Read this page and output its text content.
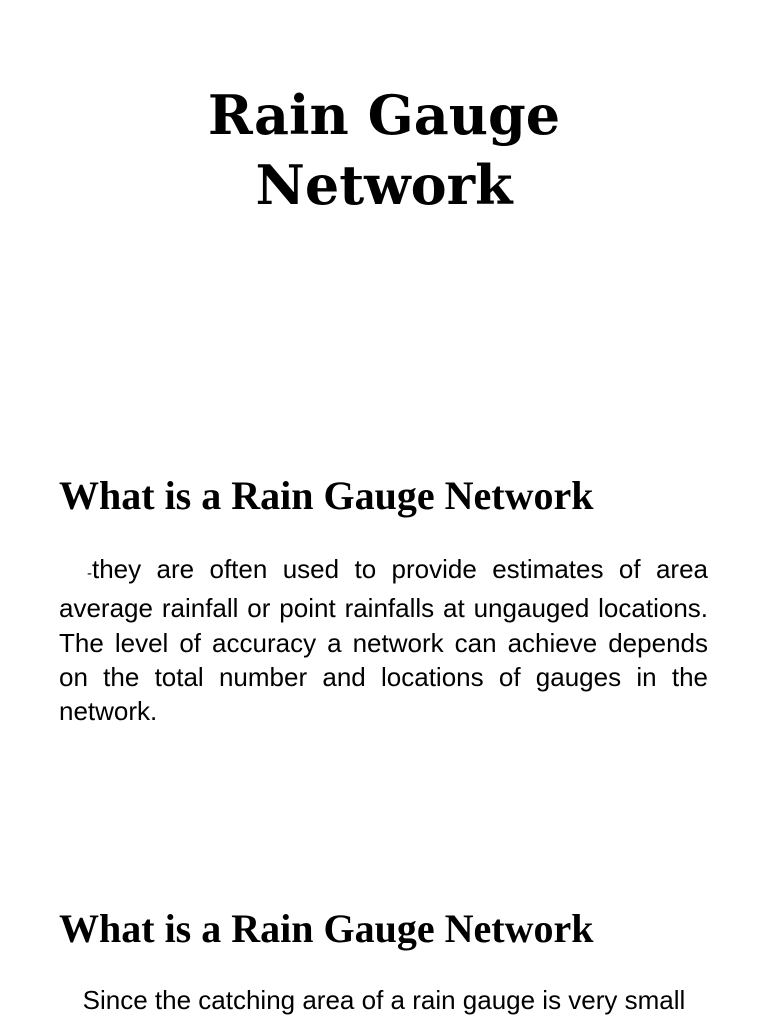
Rain Gauge
Network
What is a Rain Gauge Network

-they are often used to provide estimates of area average rainfall or point rainfalls at ungauged locations. The level of accuracy a network can achieve depends on the total number and locations of gauges in the network.

What is a Rain Gauge Network

Since the catching area of a rain gauge is very small
